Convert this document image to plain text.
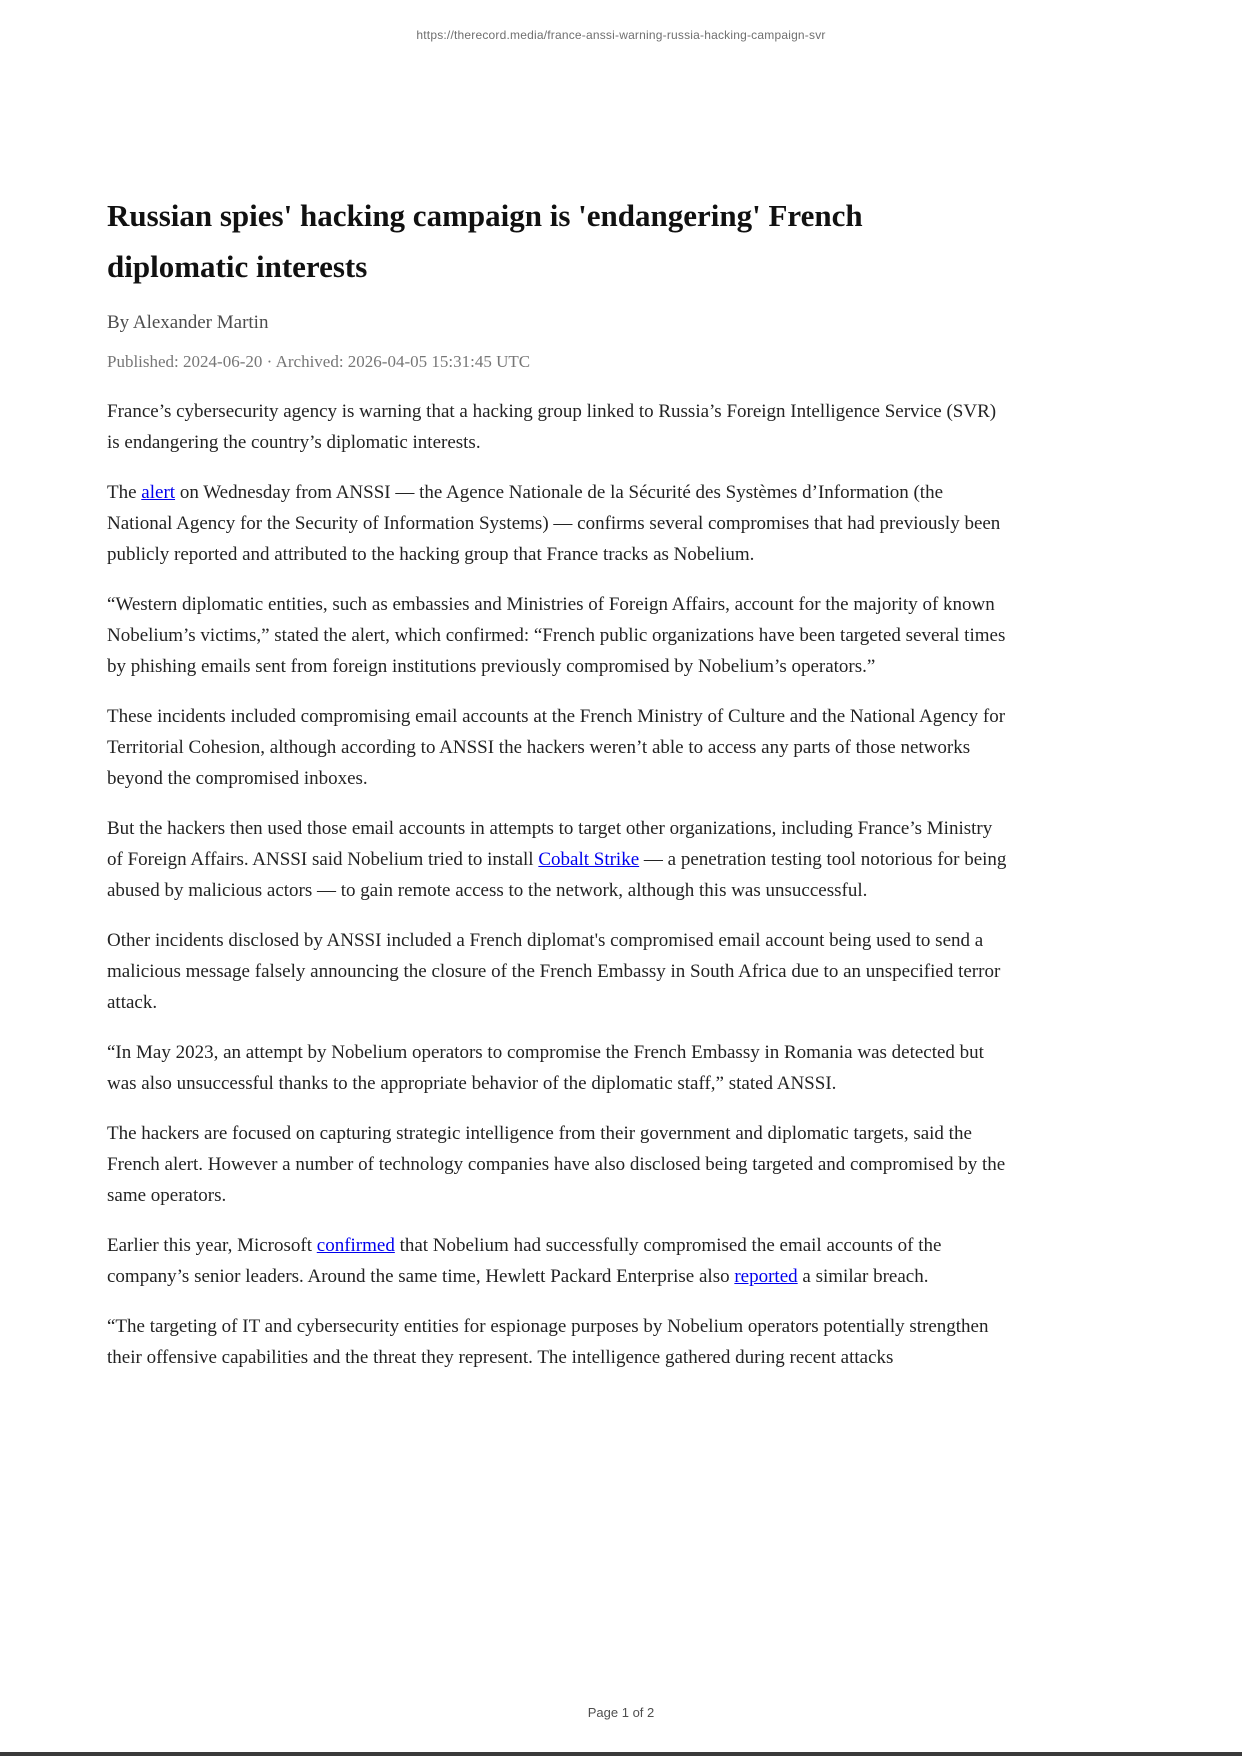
https://therecord.media/france-anssi-warning-russia-hacking-campaign-svr
Russian spies' hacking campaign is 'endangering' French diplomatic interests
By Alexander Martin
Published: 2024-06-20 · Archived: 2026-04-05 15:31:45 UTC

France’s cybersecurity agency is warning that a hacking group linked to Russia’s Foreign Intelligence Service (SVR) is endangering the country’s diplomatic interests.

The alert on Wednesday from ANSSI — the Agence Nationale de la Sécurité des Systèmes d’Information (the National Agency for the Security of Information Systems) — confirms several compromises that had previously been publicly reported and attributed to the hacking group that France tracks as Nobelium.

“Western diplomatic entities, such as embassies and Ministries of Foreign Affairs, account for the majority of known Nobelium’s victims,” stated the alert, which confirmed: “French public organizations have been targeted several times by phishing emails sent from foreign institutions previously compromised by Nobelium’s operators.”

These incidents included compromising email accounts at the French Ministry of Culture and the National Agency for Territorial Cohesion, although according to ANSSI the hackers weren’t able to access any parts of those networks beyond the compromised inboxes.

But the hackers then used those email accounts in attempts to target other organizations, including France’s Ministry of Foreign Affairs. ANSSI said Nobelium tried to install Cobalt Strike — a penetration testing tool notorious for being abused by malicious actors — to gain remote access to the network, although this was unsuccessful.

Other incidents disclosed by ANSSI included a French diplomat's compromised email account being used to send a malicious message falsely announcing the closure of the French Embassy in South Africa due to an unspecified terror attack.

“In May 2023, an attempt by Nobelium operators to compromise the French Embassy in Romania was detected but was also unsuccessful thanks to the appropriate behavior of the diplomatic staff,” stated ANSSI.

The hackers are focused on capturing strategic intelligence from their government and diplomatic targets, said the French alert. However a number of technology companies have also disclosed being targeted and compromised by the same operators.

Earlier this year, Microsoft confirmed that Nobelium had successfully compromised the email accounts of the company’s senior leaders. Around the same time, Hewlett Packard Enterprise also reported a similar breach.

“The targeting of IT and cybersecurity entities for espionage purposes by Nobelium operators potentially strengthen their offensive capabilities and the threat they represent. The intelligence gathered during recent attacks

Page 1 of 2
